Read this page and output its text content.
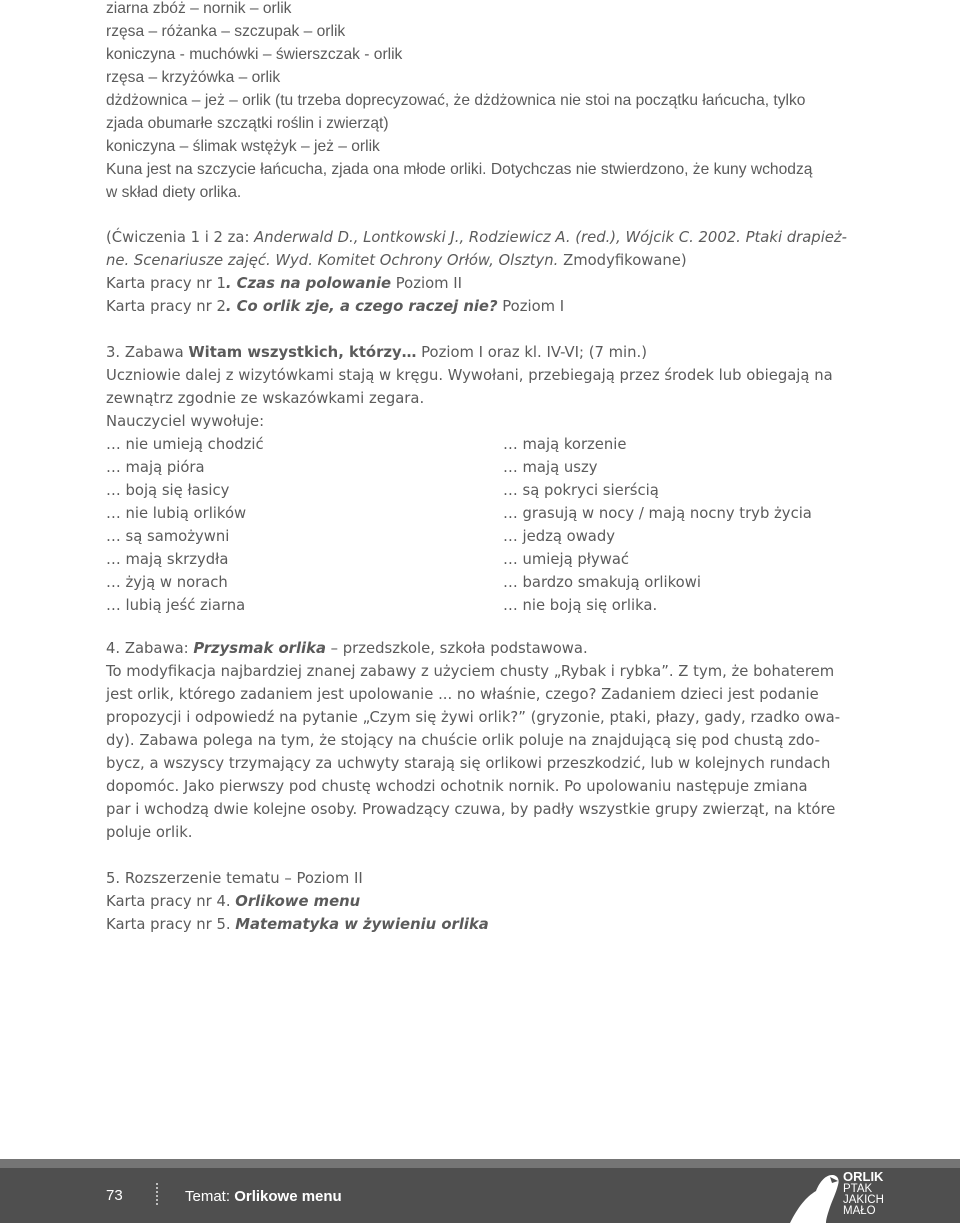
ziarna zbóż – nornik – orlik

rzęsa – różanka – szczupak – orlik

koniczyna - muchówki – świerszczak - orlik

rzęsa – krzyżówka – orlik

dżdżownica – jeż – orlik (tu trzeba doprecyzować, że dżdżownica nie stoi na początku łańcucha, tylko

zjada obumarłe szczątki roślin i zwierząt)

koniczyna – ślimak wstężyk – jeż – orlik

Kuna jest na szczycie łańcucha, zjada ona młode orliki. Dotychczas nie stwierdzono, że kuny wchodzą

w skład diety orlika.

(Ćwiczenia 1 i 2 za: Anderwald D., Lontkowski J., Rodziewicz A. (red.), Wójcik C. 2002. Ptaki drapież-

ne. Scenariusze zajęć. Wyd. Komitet Ochrony Orłów, Olsztyn. Zmodyfikowane)

Karta pracy nr 1. Czas na polowanie Poziom II

Karta pracy nr 2. Co orlik zje, a czego raczej nie? Poziom I

3. Zabawa Witam wszystkich, którzy… Poziom I oraz kl. IV-VI; (7 min.)

Uczniowie dalej z wizytówkami stają w kręgu. Wywołani, przebiegają przez środek lub obiegają na

zewnątrz zgodnie ze wskazówkami zegara.

Nauczyciel wywołuje:

… nie umieją chodzić	… mają korzenie
… mają pióra	… mają uszy
… boją się łasicy	… są pokryci sierścią
… nie lubią orlików	… grasują w nocy / mają nocny tryb życia
… są samożywni	… jedzą owady
… mają skrzydła	… umieją pływać
… żyją w norach	… bardzo smakują orlikowi
… lubią jeść ziarna	… nie boją się orlika.

4. Zabawa: Przysmak orlika – przedszkole, szkoła podstawowa.

To modyfikacja najbardziej znanej zabawy z użyciem chusty „Rybak i rybka”. Z tym, że bohaterem

jest orlik, którego zadaniem jest upolowanie ... no właśnie, czego? Zadaniem dzieci jest podanie

propozycji i odpowiedź na pytanie „Czym się żywi orlik?” (gryzonie, ptaki, płazy, gady, rzadko owa-

dy). Zabawa polega na tym, że stojący na chuście orlik poluje na znajdującą się pod chustą zdo-

bycz, a wszyscy trzymający za uchwyty starają się orlikowi przeszkodzić, lub w kolejnych rundach

dopomóc. Jako pierwszy pod chustę wchodzi ochotnik nornik. Po upolowaniu następuje zmiana

par i wchodzą dwie kolejne osoby. Prowadzący czuwa, by padły wszystkie grupy zwierząt, na które

poluje orlik.

5. Rozszerzenie tematu – Poziom II

Karta pracy nr 4. Orlikowe menu

Karta pracy nr 5. Matematyka w żywieniu orlika

73	Temat: Orlikowe menu
ORLIK
PTAK
JAKICH
MAŁO
